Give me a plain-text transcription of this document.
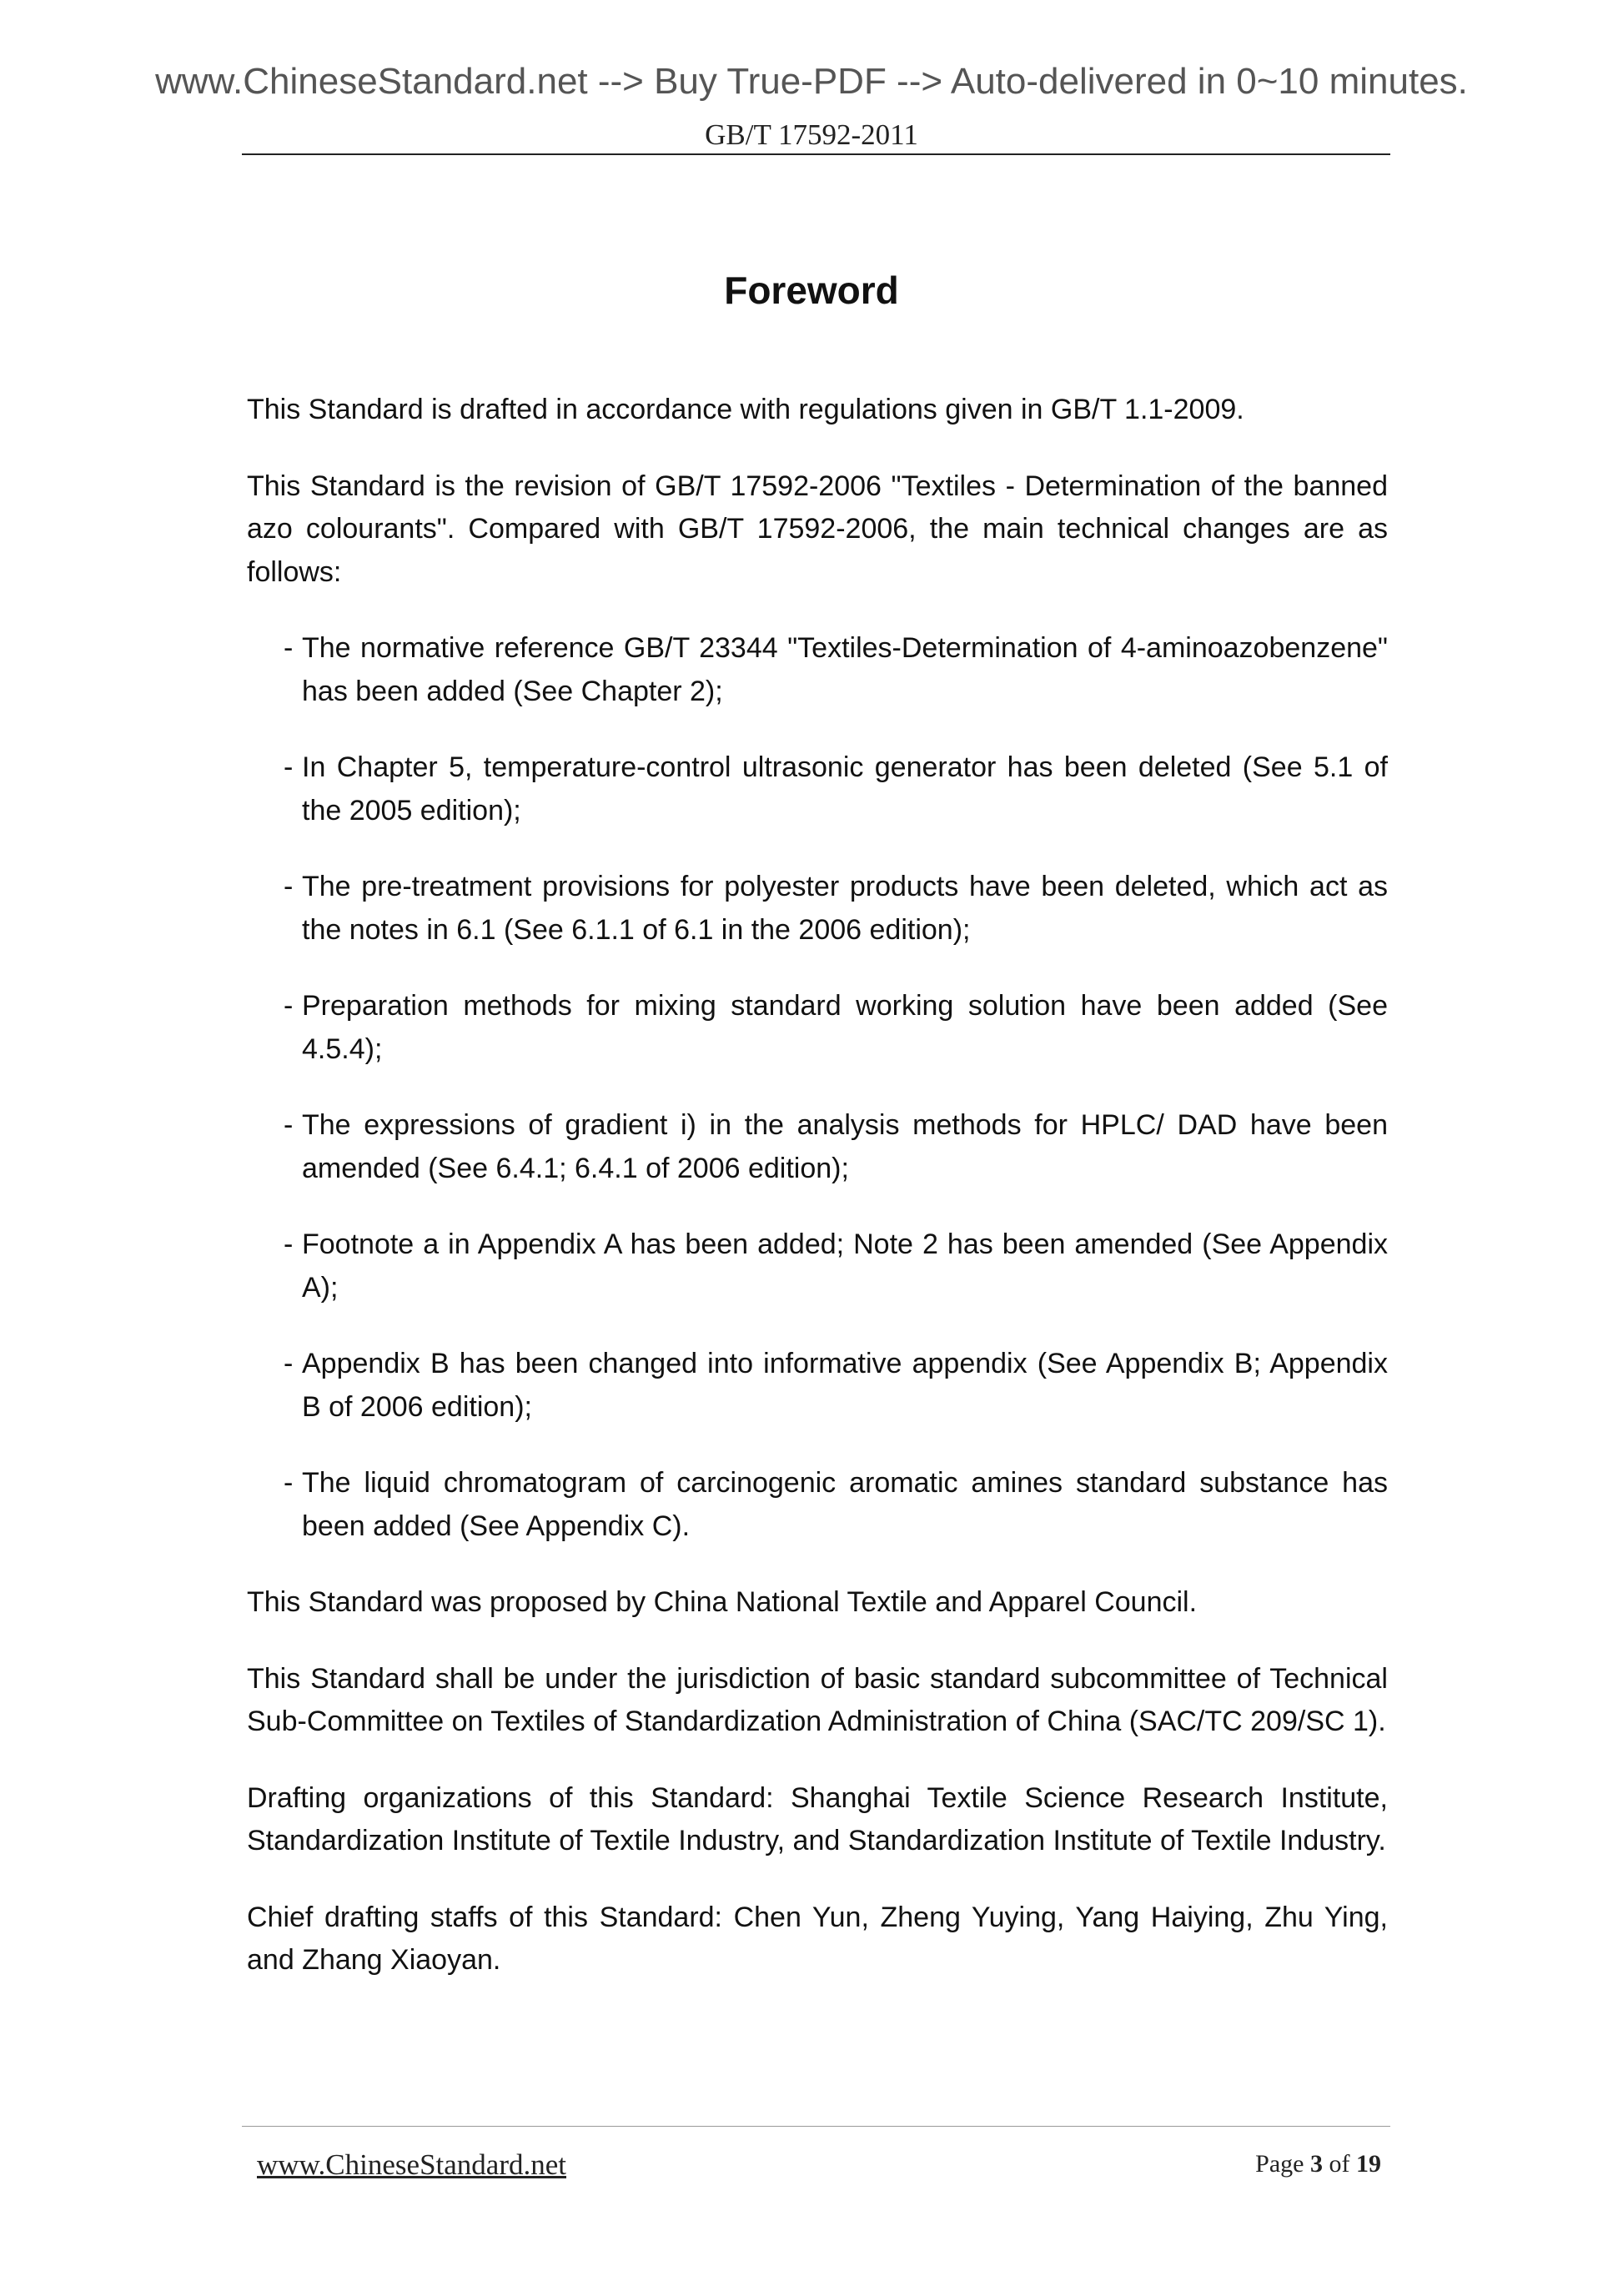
www.ChineseStandard.net --> Buy True-PDF --> Auto-delivered in 0~10 minutes.
GB/T 17592-2011
Foreword

This Standard is drafted in accordance with regulations given in GB/T 1.1-2009.

This Standard is the revision of GB/T 17592-2006 "Textiles - Determination of the banned azo colourants". Compared with GB/T 17592-2006, the main technical changes are as follows:

- The normative reference GB/T 23344 "Textiles-Determination of 4-aminoazobenzene" has been added (See Chapter 2);
- In Chapter 5, temperature-control ultrasonic generator has been deleted (See 5.1 of the 2005 edition);
- The pre-treatment provisions for polyester products have been deleted, which act as the notes in 6.1 (See 6.1.1 of 6.1 in the 2006 edition);
- Preparation methods for mixing standard working solution have been added (See 4.5.4);
- The expressions of gradient i) in the analysis methods for HPLC/ DAD have been amended (See 6.4.1; 6.4.1 of 2006 edition);
- Footnote a in Appendix A has been added; Note 2 has been amended (See Appendix A);
- Appendix B has been changed into informative appendix (See Appendix B; Appendix B of 2006 edition);
- The liquid chromatogram of carcinogenic aromatic amines standard substance has been added (See Appendix C).

This Standard was proposed by China National Textile and Apparel Council.

This Standard shall be under the jurisdiction of basic standard subcommittee of Technical Sub-Committee on Textiles of Standardization Administration of China (SAC/TC 209/SC 1).

Drafting organizations of this Standard: Shanghai Textile Science Research Institute, Standardization Institute of Textile Industry, and Standardization Institute of Textile Industry.

Chief drafting staffs of this Standard: Chen Yun, Zheng Yuying, Yang Haiying, Zhu Ying, and Zhang Xiaoyan.

www.ChineseStandard.net	Page 3 of 19
